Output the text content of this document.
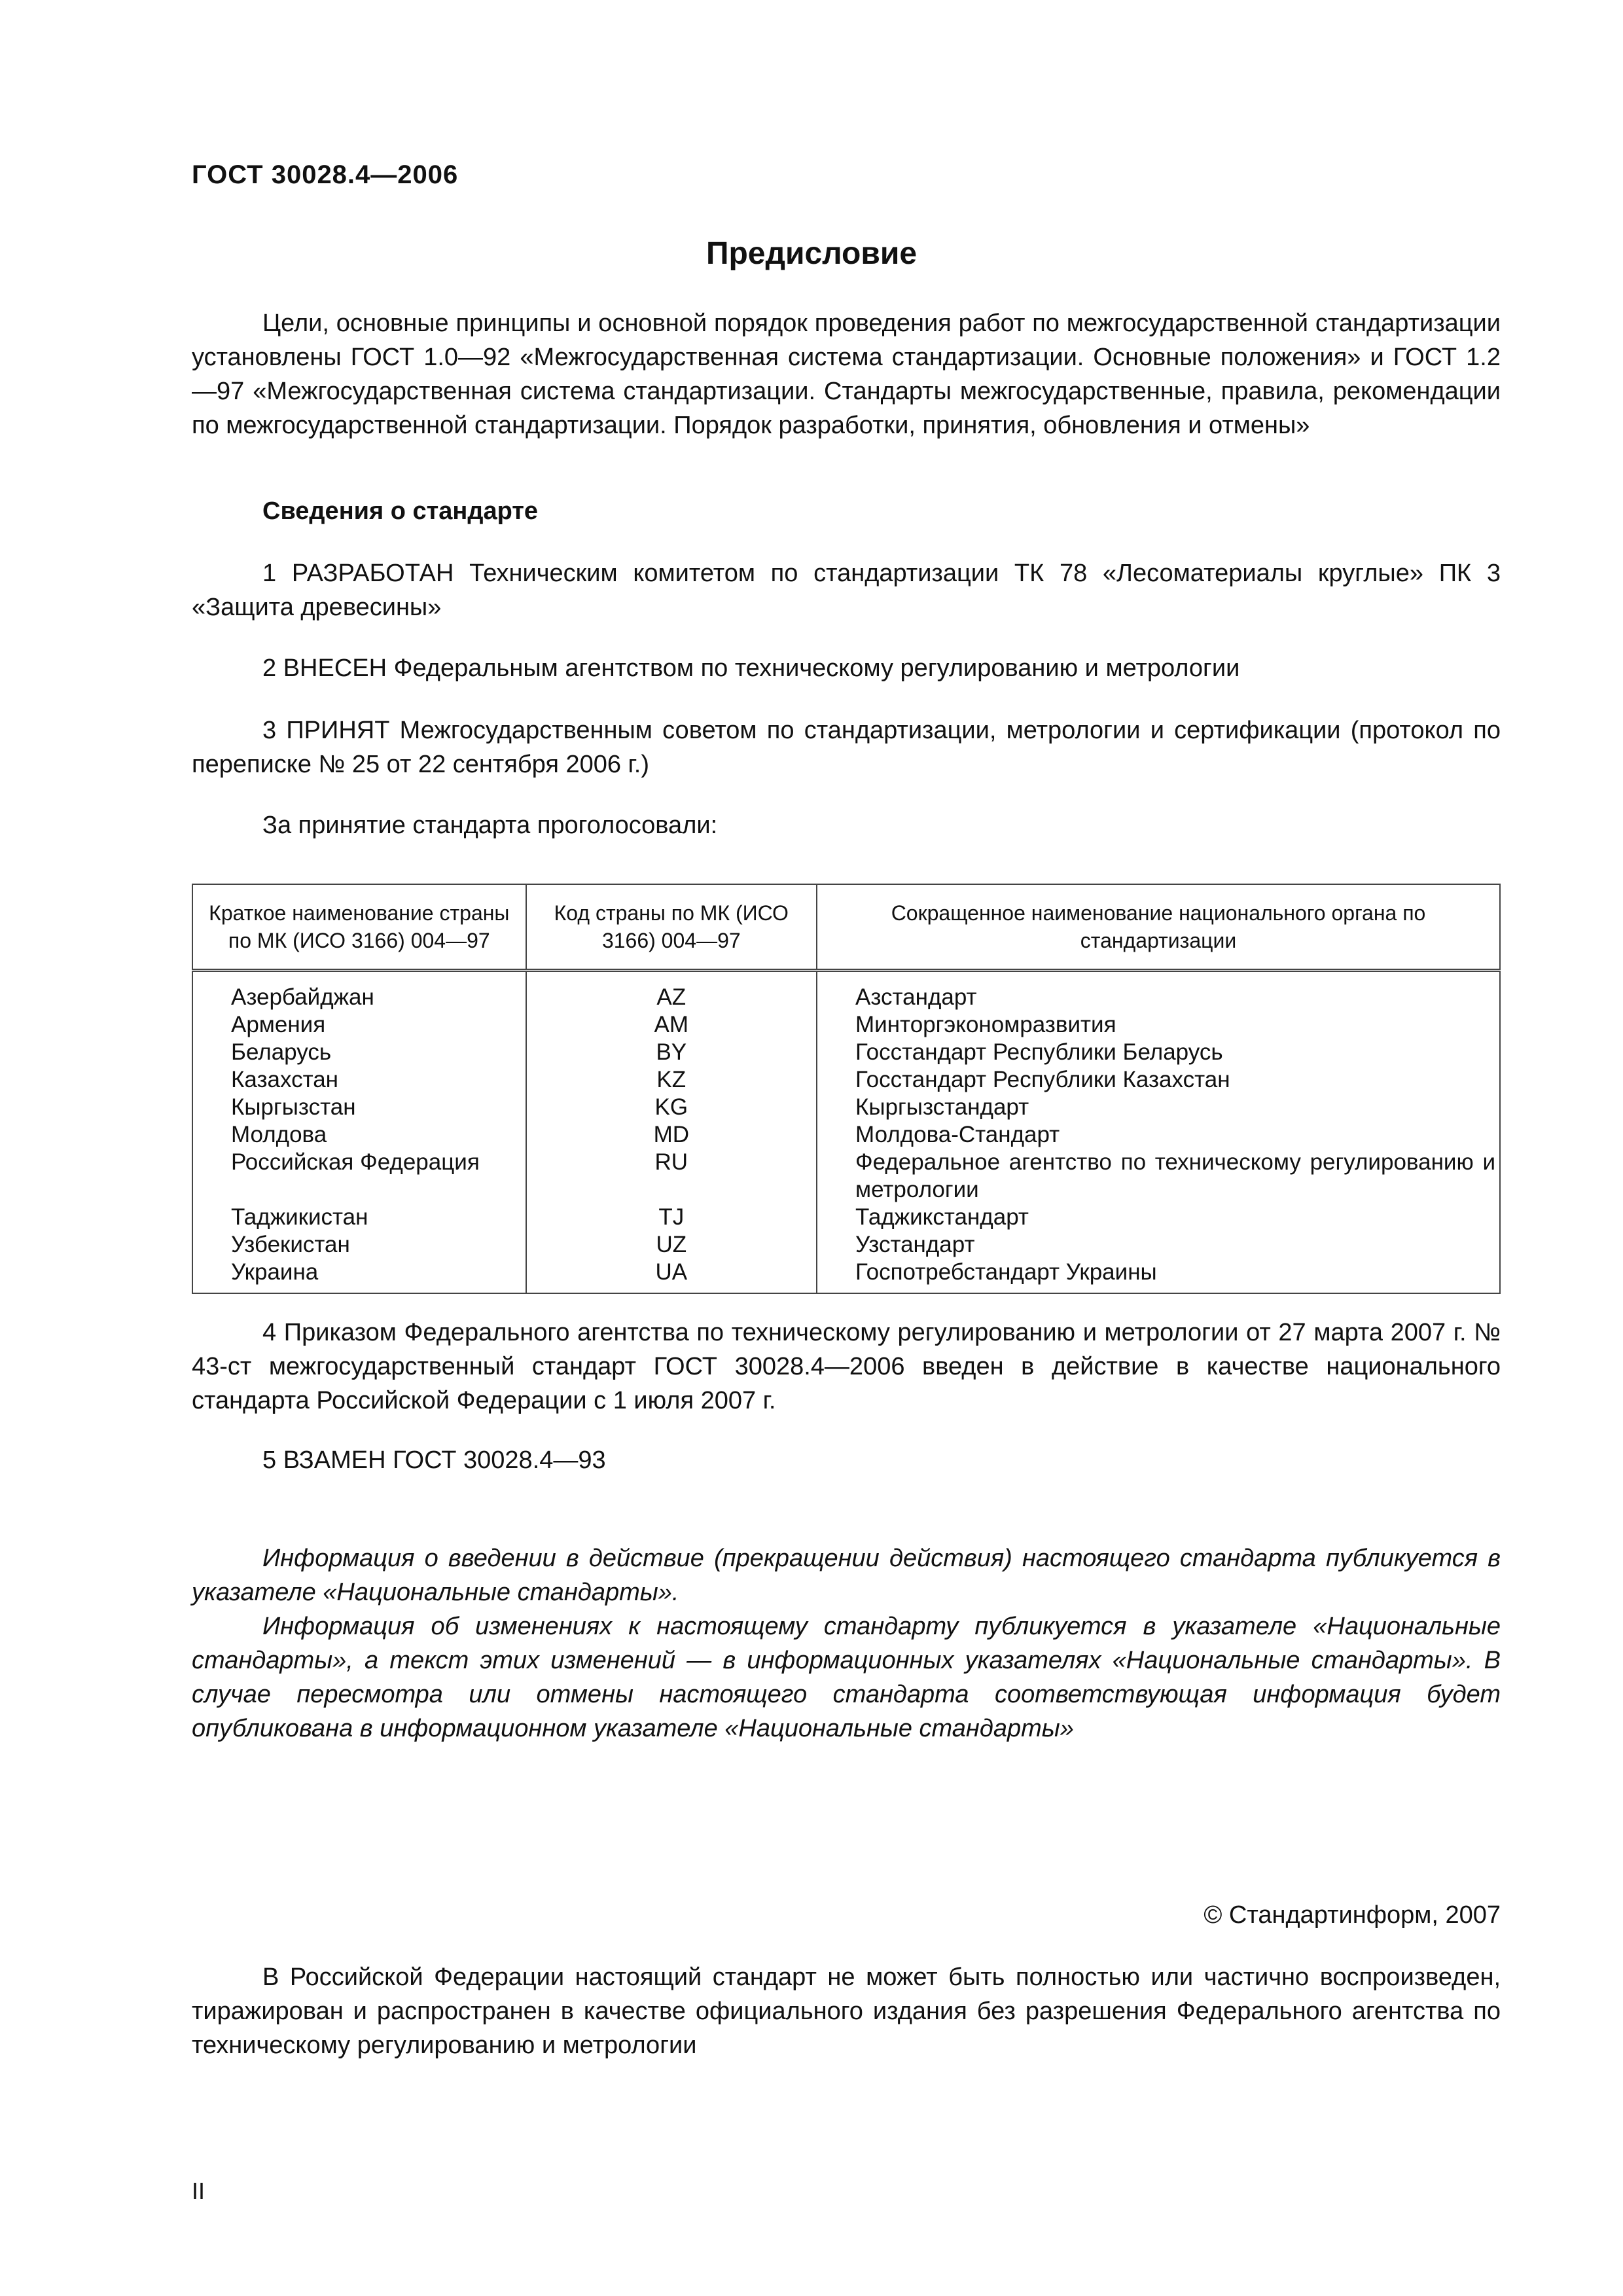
ГОСТ 30028.4—2006
Предисловие

Цели, основные принципы и основной порядок проведения работ по межгосударственной стандартизации установлены ГОСТ 1.0—92 «Межгосударственная система стандартизации. Основные положения» и ГОСТ 1.2—97 «Межгосударственная система стандартизации. Стандарты межгосударственные, правила, рекомендации по межгосударственной стандартизации. Порядок разработки, принятия, обновления и отмены»

Сведения о стандарте

1 РАЗРАБОТАН Техническим комитетом по стандартизации ТК 78 «Лесоматериалы круглые» ПК 3 «Защита древесины»

2 ВНЕСЕН Федеральным агентством по техническому регулированию и метрологии

3 ПРИНЯТ Межгосударственным советом по стандартизации, метрологии и сертификации (протокол по переписке № 25 от 22 сентября 2006 г.)

За принятие стандарта проголосовали:
Краткое наименование страны по МК (ИСО 3166) 004—97	Код страны по МК (ИСО 3166) 004—97	Сокращенное наименование национального органа по стандартизации
Азербайджан	AZ	Азстандарт
Армения	AM	Минторгэкономразвития
Беларусь	BY	Госстандарт Республики Беларусь
Казахстан	KZ	Госстандарт Республики Казахстан
Кыргызстан	KG	Кыргызстандарт
Молдова	MD	Молдова-Стандарт
Российская Федерация	RU	Федеральное агентство по техническому регулированию и метрологии
Таджикистан	TJ	Таджикстандарт
Узбекистан	UZ	Узстандарт
Украина	UA	Госпотребстандарт Украины

4 Приказом Федерального агентства по техническому регулированию и метрологии от 27 марта 2007 г. № 43-ст межгосударственный стандарт ГОСТ 30028.4—2006 введен в действие в качестве национального стандарта Российской Федерации с 1 июля 2007 г.

5 ВЗАМЕН ГОСТ 30028.4—93

Информация о введении в действие (прекращении действия) настоящего стандарта публикуется в указателе «Национальные стандарты».

Информация об изменениях к настоящему стандарту публикуется в указателе «Национальные стандарты», а текст этих изменений — в информационных указателях «Национальные стандарты». В случае пересмотра или отмены настоящего стандарта соответствующая информация будет опубликована в информационном указателе «Национальные стандарты»

© Стандартинформ, 2007

В Российской Федерации настоящий стандарт не может быть полностью или частично воспроизведен, тиражирован и распространен в качестве официального издания без разрешения Федерального агентства по техническому регулированию и метрологии

II
